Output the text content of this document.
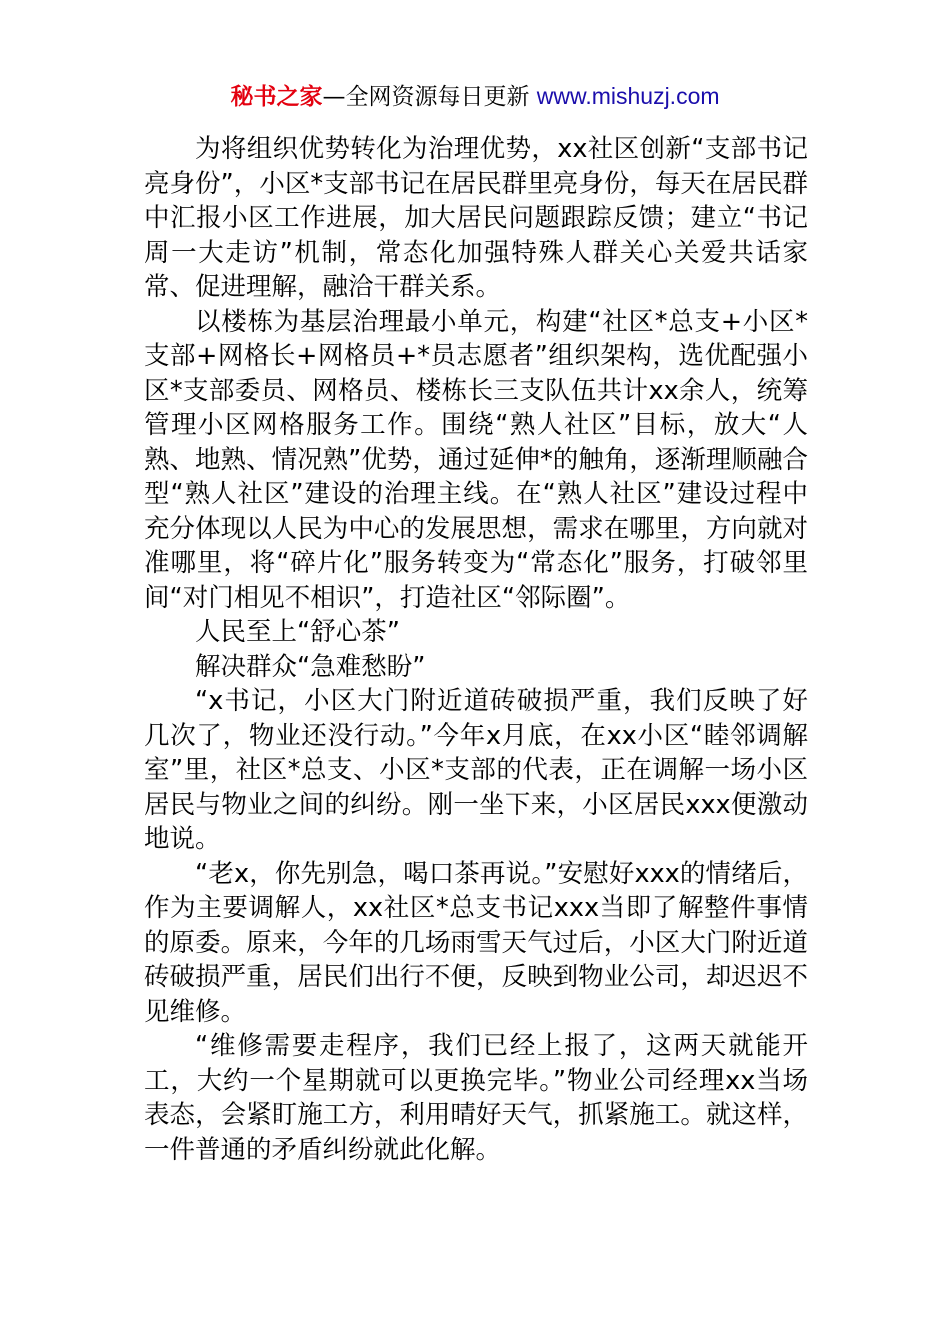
秘书之家—全网资源每日更新 www.mishuzj.com

为将组织优势转化为治理优势，xx社区创新“支部书记亮身份”，小区*支部书记在居民群里亮身份，每天在居民群中汇报小区工作进展，加大居民问题跟踪反馈；建立“书记周一大走访”机制，常态化加强特殊人群关心关爱共话家常、促进理解，融洽干群关系。

以楼栋为基层治理最小单元，构建“社区*总支+小区*支部+网格长+网格员+*员志愿者”组织架构，选优配强小区*支部委员、网格员、楼栋长三支队伍共计xx余人，统筹管理小区网格服务工作。围绕“熟人社区”目标，放大“人熟、地熟、情况熟”优势，通过延伸*的触角，逐渐理顺融合型“熟人社区”建设的治理主线。在“熟人社区”建设过程中充分体现以人民为中心的发展思想，需求在哪里，方向就对准哪里，将“碎片化”服务转变为“常态化”服务，打破邻里间“对门相见不相识”，打造社区“邻际圈”。

人民至上“舒心茶”

解决群众“急难愁盼”

“x书记，小区大门附近道砖破损严重，我们反映了好几次了，物业还没行动。”今年x月底，在xx小区“睦邻调解室”里，社区*总支、小区*支部的代表，正在调解一场小区居民与物业之间的纠纷。刚一坐下来，小区居民xxx便激动地说。

“老x，你先别急，喝口茶再说。”安慰好xxx的情绪后，作为主要调解人，xx社区*总支书记xxx当即了解整件事情的原委。原来，今年的几场雨雪天气过后，小区大门附近道砖破损严重，居民们出行不便，反映到物业公司，却迟迟不见维修。

“维修需要走程序，我们已经上报了，这两天就能开工，大约一个星期就可以更换完毕。”物业公司经理xx当场表态，会紧盯施工方，利用晴好天气，抓紧施工。就这样，一件普通的矛盾纠纷就此化解。
